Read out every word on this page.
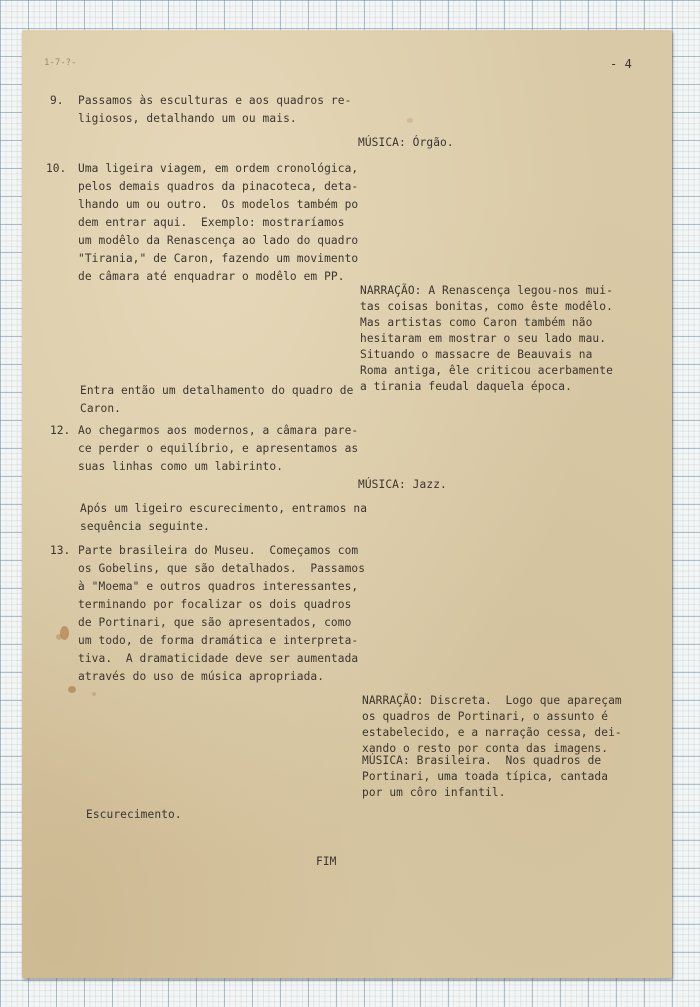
1-7-?-	- 4
9. Passamos às esculturas e aos quadros re-
ligiosos, detalhando um ou mais.
MÚSICA: Órgão.
10. Uma ligeira viagem, em ordem cronológica,
pelos demais quadros da pinacoteca, deta-
lhando um ou outro.  Os modelos também po
dem entrar aqui.  Exemplo: mostraríamos
um modêlo da Renascença ao lado do quadro
"Tirania," de Caron, fazendo um movimento
de câmara até enquadrar o modêlo em PP.
NARRAÇÃO: A Renascença legou-nos mui-
tas coisas bonitas, como êste modêlo.
Mas artistas como Caron também não
hesitaram em mostrar o seu lado mau.
Situando o massacre de Beauvais na
Roma antiga, êle criticou acerbamente
a tirania feudal daquela época.
Entra então um detalhamento do quadro de
Caron.
12. Ao chegarmos aos modernos, a câmara pare-
ce perder o equilíbrio, e apresentamos as
suas linhas como um labirinto.
MÚSICA: Jazz.
Após um ligeiro escurecimento, entramos na
sequência seguinte.
13. Parte brasileira do Museu.  Começamos com
os Gobelins, que são detalhados.  Passamos
à "Moema" e outros quadros interessantes,
terminando por focalizar os dois quadros
de Portinari, que são apresentados, como
um todo, de forma dramática e interpreta-
tiva.  A dramaticidade deve ser aumentada
através do uso de música apropriada.
NARRAÇÃO: Discreta.  Logo que apareçam
os quadros de Portinari, o assunto é
estabelecido, e a narração cessa, dei-
xando o resto por conta das imagens.
MÚSICA: Brasileira.  Nos quadros de
Portinari, uma toada típica, cantada
por um côro infantil.
Escurecimento.
FIM
